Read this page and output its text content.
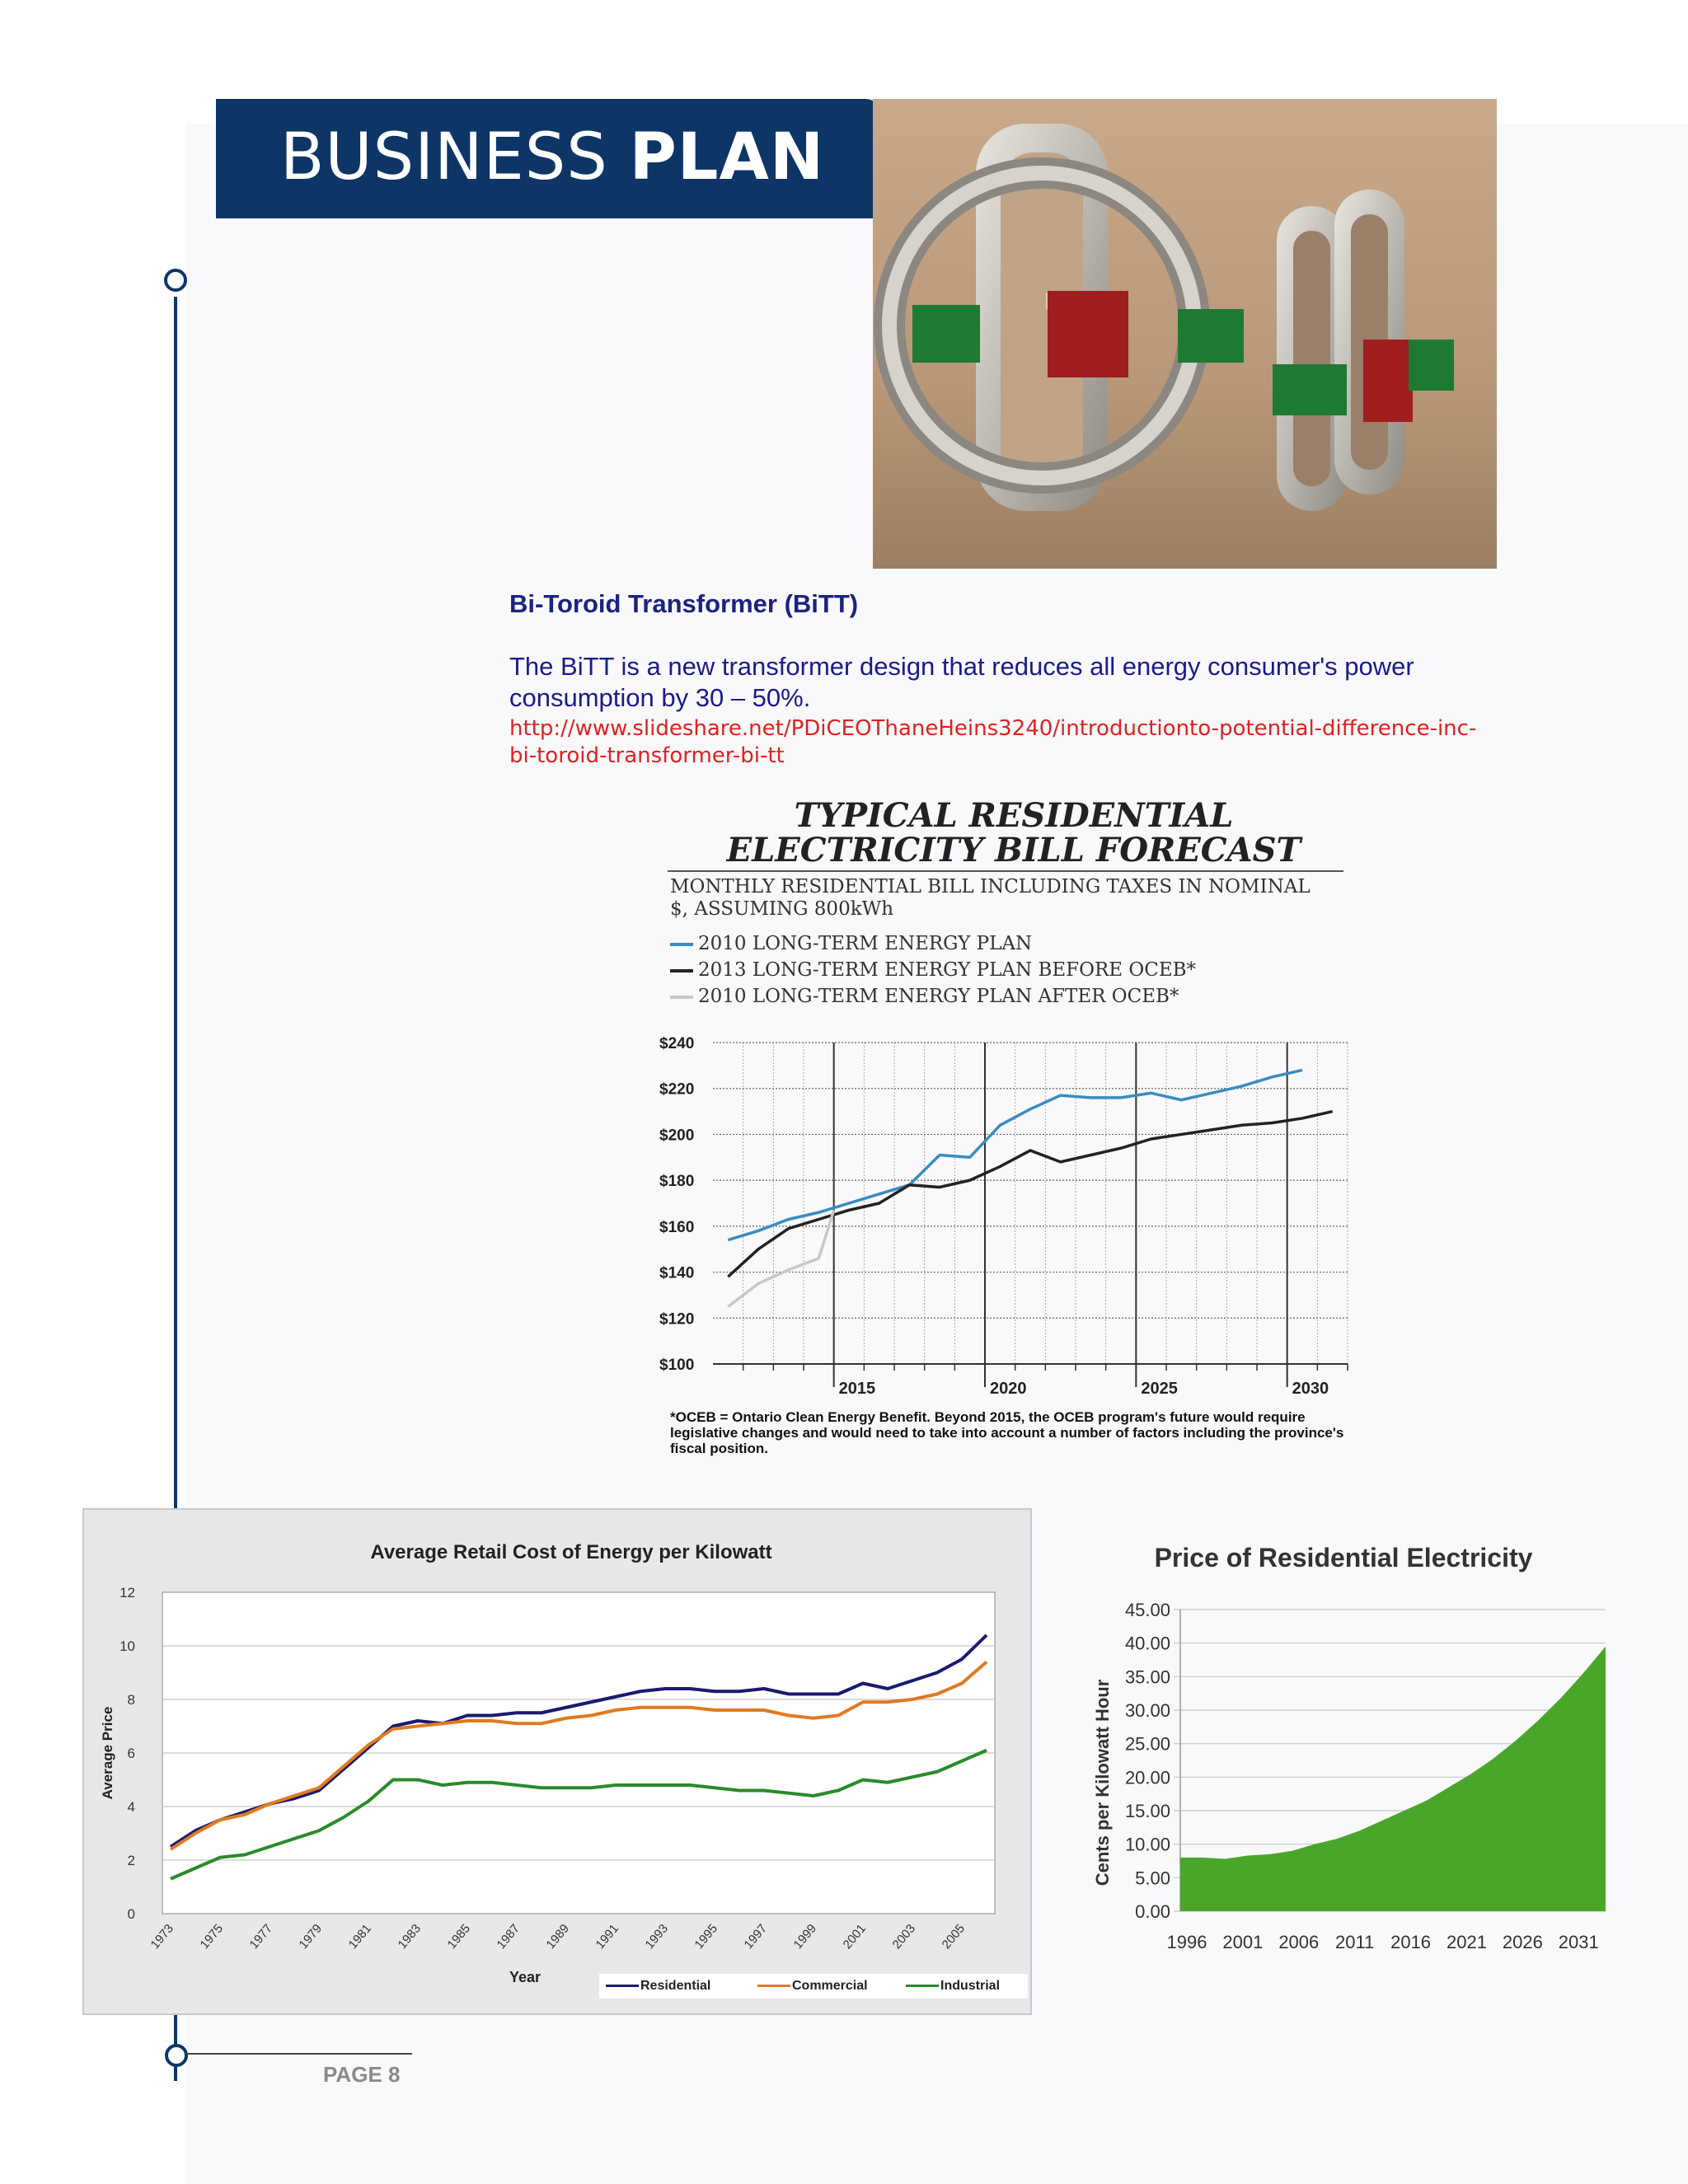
BUSINESS PLAN
PAGE 8
Bi-Toroid Transformer (BiTT)
The BiTT is a new transformer design that reduces all energy consumer's power consumption by 30 – 50%.
http://www.slideshare.net/PDiCEOThaneHeins3240/introductionto-potential-difference-inc-bi-toroid-transformer-bi-tt
TYPICAL RESIDENTIAL
ELECTRICITY BILL FORECAST
MONTHLY RESIDENTIAL BILL INCLUDING TAXES IN NOMINAL $, ASSUMING 800kWh
2010 LONG-TERM ENERGY PLAN
2013 LONG-TERM ENERGY PLAN BEFORE OCEB*
2010 LONG-TERM ENERGY PLAN AFTER OCEB*
$240
$220
$200
$180
$160
$140
$120
$100
2015	2020	2025	2030
*OCEB = Ontario Clean Energy Benefit. Beyond 2015, the OCEB program's future would require legislative changes and would need to take into account a number of factors including the province's fiscal position.
Average Retail Cost of Energy per Kilowatt
12
10
8
6
4
2
0
1973 1975 1977 1979 1981 1983 1985 1987 1989 1991 1993 1995 1997 1999 2001 2003 2005
Year
Average Price
Residential	Commercial	Industrial
Price of Residential Electricity
Cents per Kilowatt Hour
45.00
40.00
35.00
30.00
25.00
20.00
15.00
10.00
5.00
0.00
1996 2001 2006 2011 2016 2021 2026 2031
